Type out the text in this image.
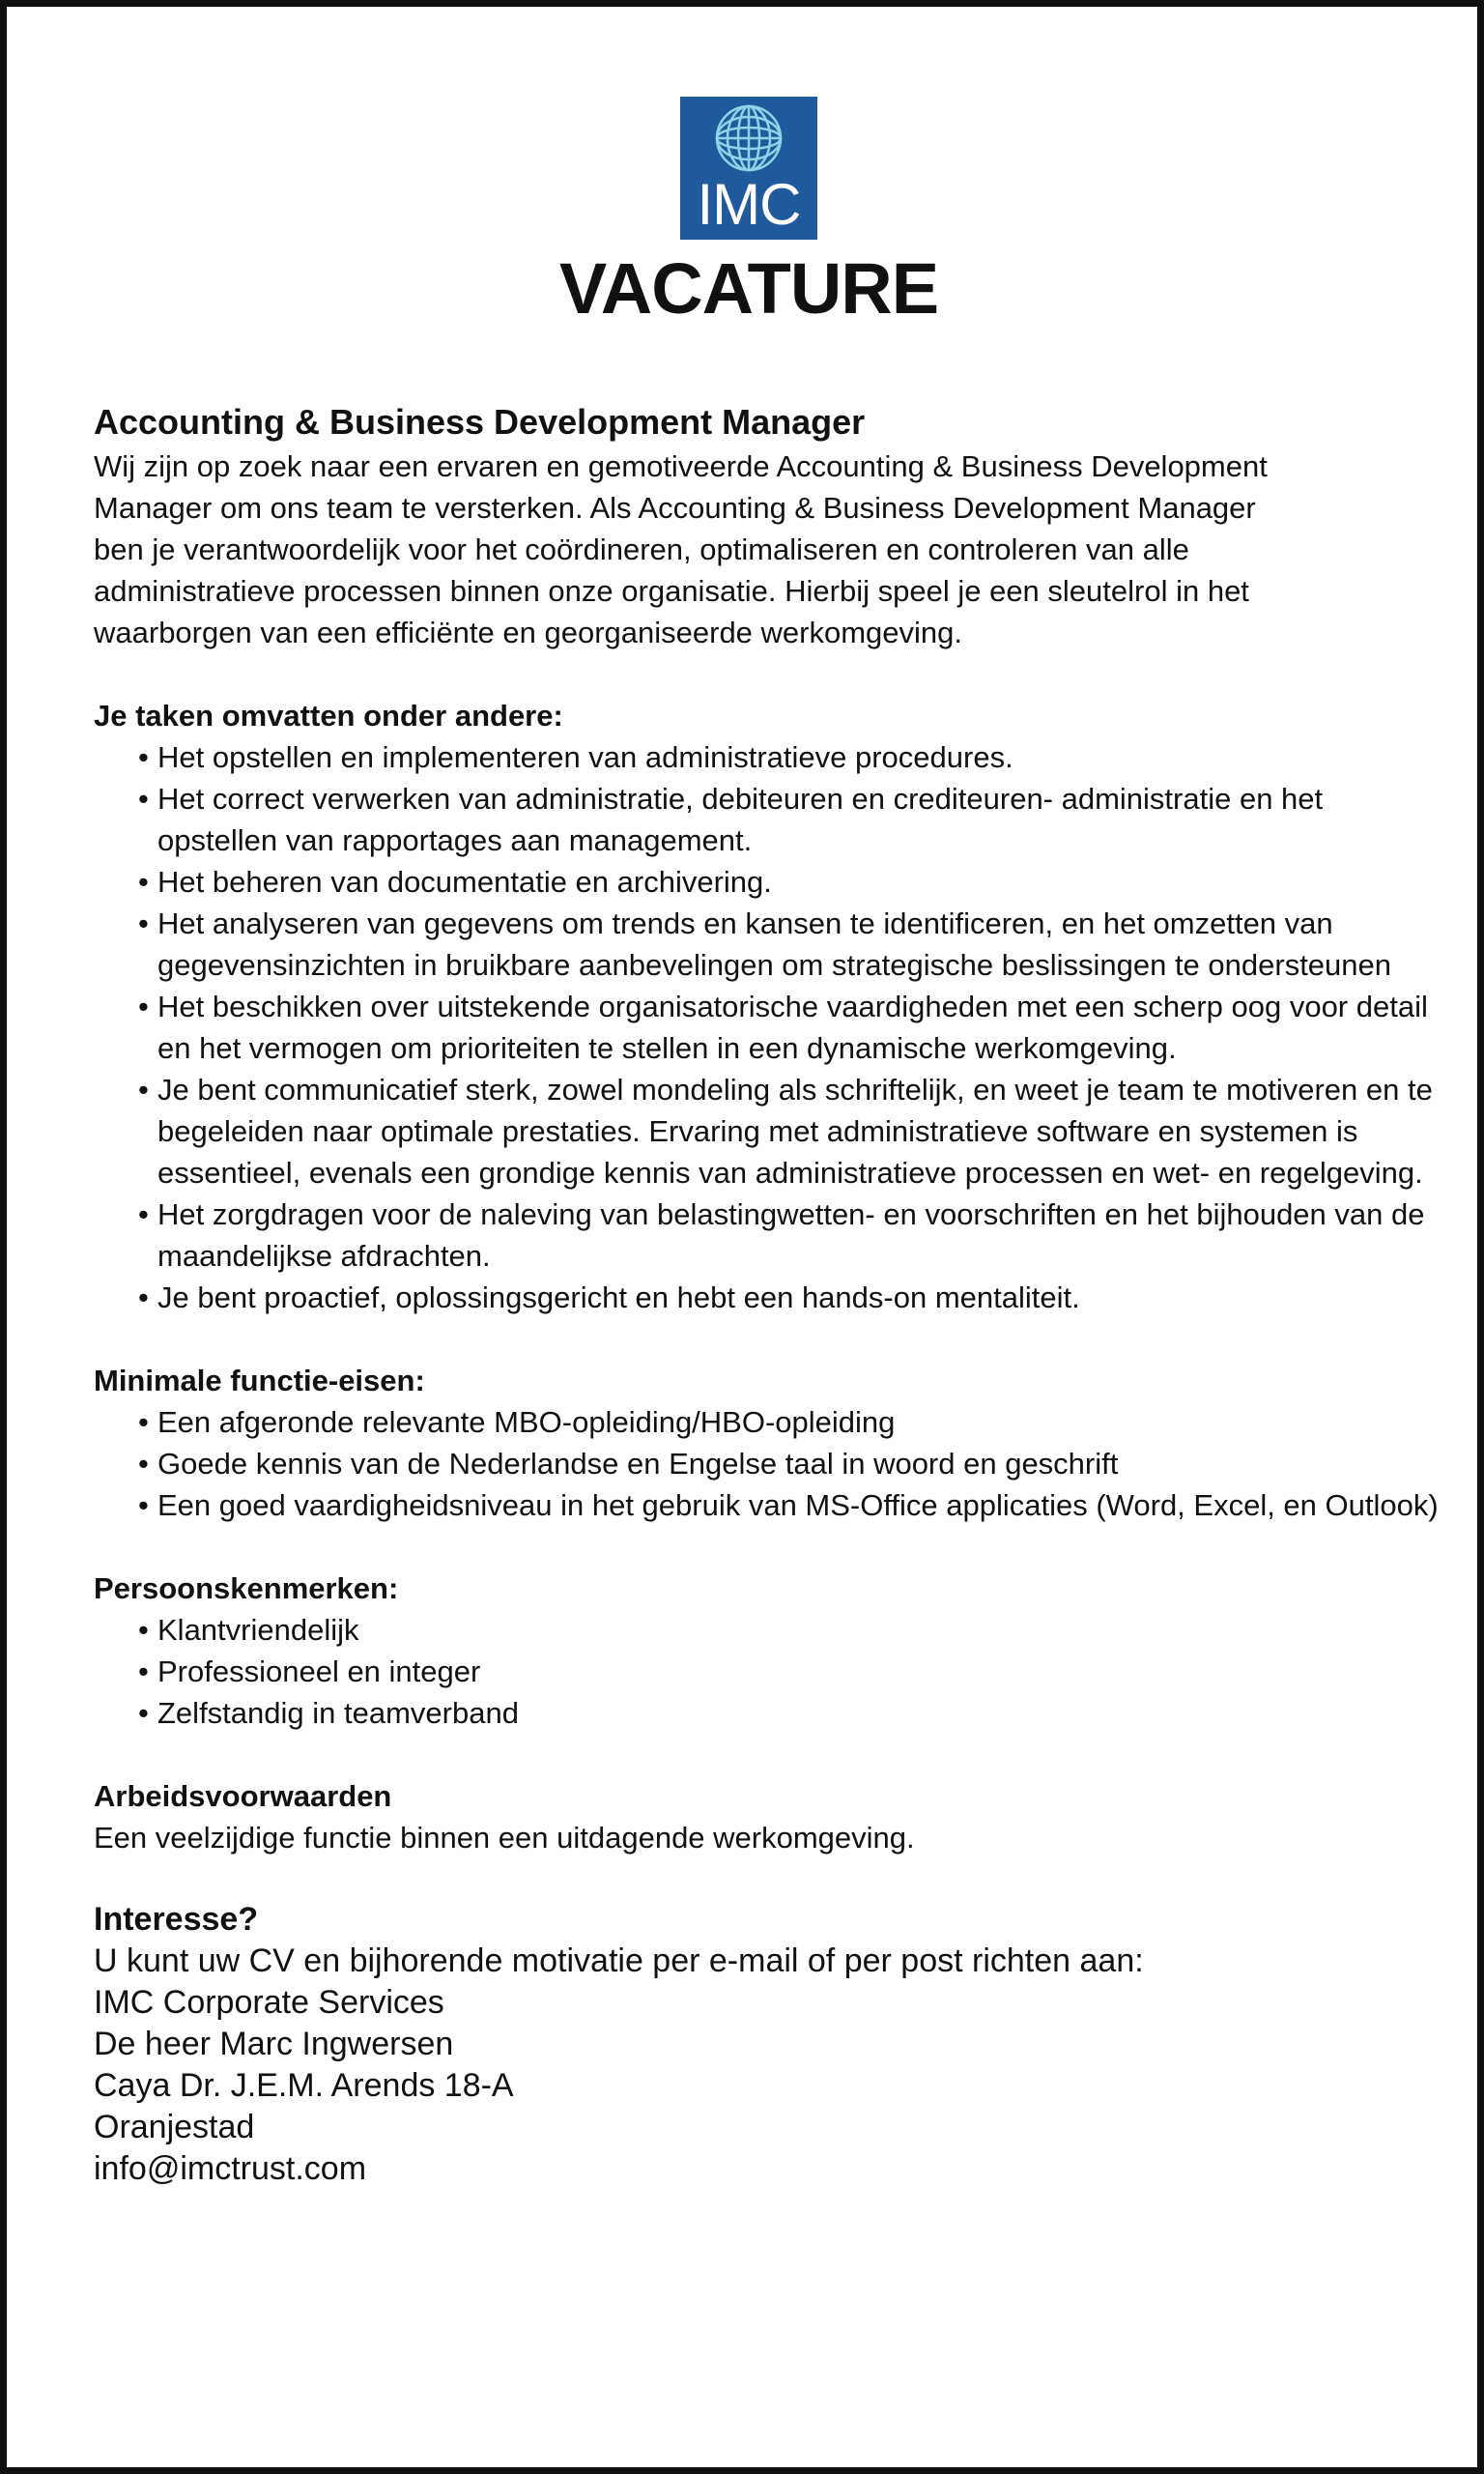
IMC
VACATURE
Accounting & Business Development Manager
Wij zijn op zoek naar een ervaren en gemotiveerde Accounting & Business Development
Manager om ons team te versterken. Als Accounting & Business Development Manager
ben je verantwoordelijk voor het coördineren, optimaliseren en controleren van alle
administratieve processen binnen onze organisatie. Hierbij speel je een sleutelrol in het
waarborgen van een efficiënte en georganiseerde werkomgeving.
Je taken omvatten onder andere:
• Het opstellen en implementeren van administratieve procedures.
• Het correct verwerken van administratie, debiteuren en crediteuren- administratie en het opstellen van rapportages aan management.
• Het beheren van documentatie en archivering.
• Het analyseren van gegevens om trends en kansen te identificeren, en het omzetten van gegevensinzichten in bruikbare aanbevelingen om strategische beslissingen te ondersteunen
• Het beschikken over uitstekende organisatorische vaardigheden met een scherp oog voor detail en het vermogen om prioriteiten te stellen in een dynamische werkomgeving.
• Je bent communicatief sterk, zowel mondeling als schriftelijk, en weet je team te motiveren en te begeleiden naar optimale prestaties. Ervaring met administratieve software en systemen is essentieel, evenals een grondige kennis van administratieve processen en wet- en regelgeving.
• Het zorgdragen voor de naleving van belastingwetten- en voorschriften en het bijhouden van de maandelijkse afdrachten.
• Je bent proactief, oplossingsgericht en hebt een hands-on mentaliteit.
Minimale functie-eisen:
• Een afgeronde relevante MBO-opleiding/HBO-opleiding
• Goede kennis van de Nederlandse en Engelse taal in woord en geschrift
• Een goed vaardigheidsniveau in het gebruik van MS-Office applicaties (Word, Excel, en Outlook)
Persoonskenmerken:
• Klantvriendelijk
• Professioneel en integer
• Zelfstandig in teamverband
Arbeidsvoorwaarden

Een veelzijdige functie binnen een uitdagende werkomgeving.

Interesse?
U kunt uw CV en bijhorende motivatie per e-mail of per post richten aan:
IMC Corporate Services
De heer Marc Ingwersen
Caya Dr. J.E.M. Arends 18-A
Oranjestad
info@imctrust.com
